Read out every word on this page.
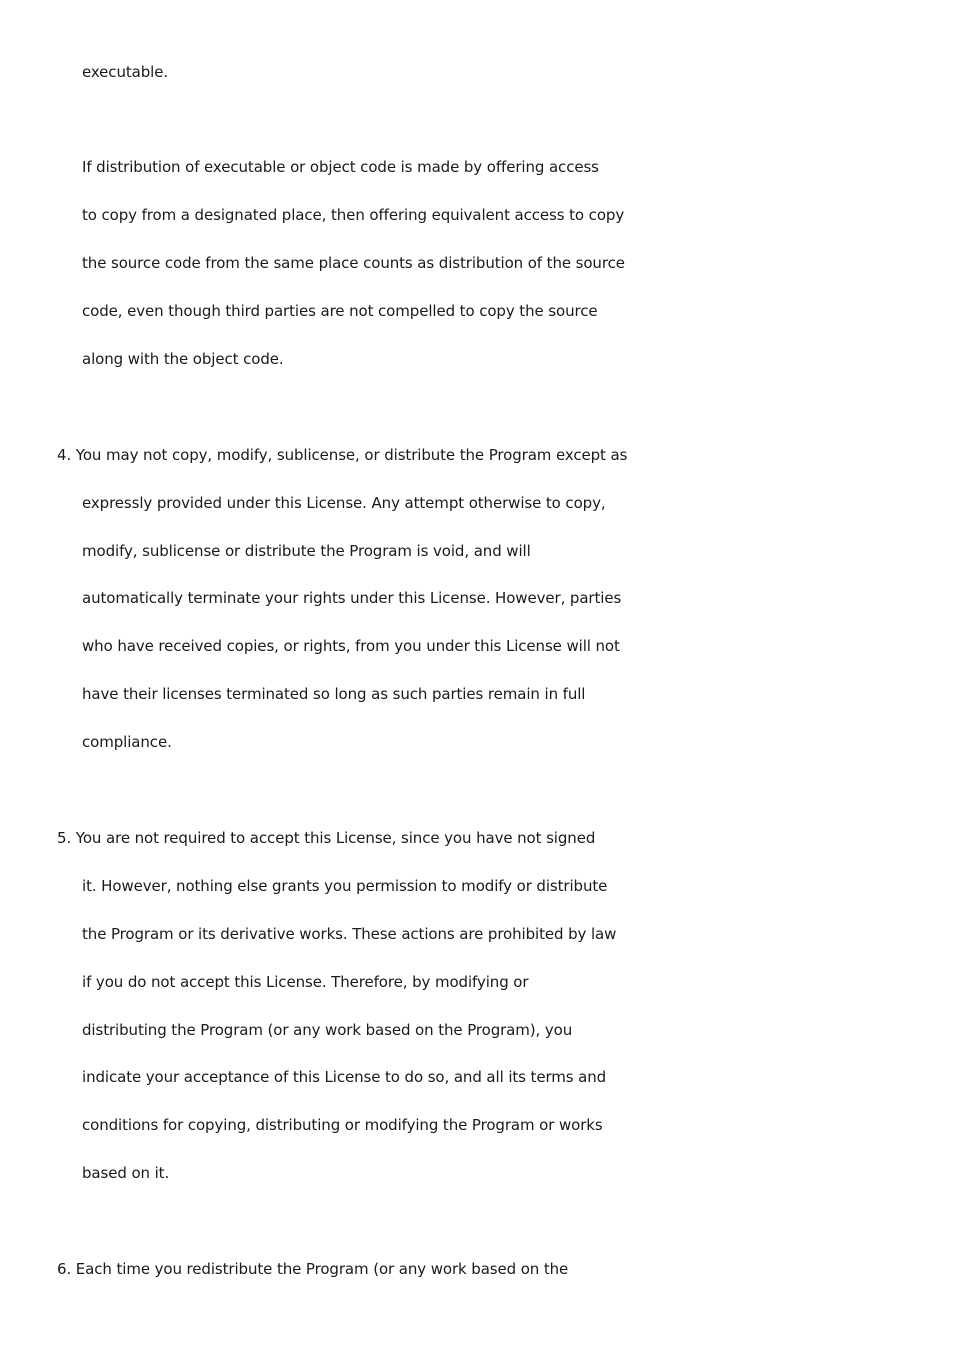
executable.
If distribution of executable or object code is made by offering access
to copy from a designated place, then offering equivalent access to copy
the source code from the same place counts as distribution of the source
code, even though third parties are not compelled to copy the source
along with the object code.
4. You may not copy, modify, sublicense, or distribute the Program except as
expressly provided under this License. Any attempt otherwise to copy,
modify, sublicense or distribute the Program is void, and will
automatically terminate your rights under this License. However, parties
who have received copies, or rights, from you under this License will not
have their licenses terminated so long as such parties remain in full
compliance.
5. You are not required to accept this License, since you have not signed
it. However, nothing else grants you permission to modify or distribute
the Program or its derivative works. These actions are prohibited by law
if you do not accept this License. Therefore, by modifying or
distributing the Program (or any work based on the Program), you
indicate your acceptance of this License to do so, and all its terms and
conditions for copying, distributing or modifying the Program or works
based on it.
6. Each time you redistribute the Program (or any work based on the
